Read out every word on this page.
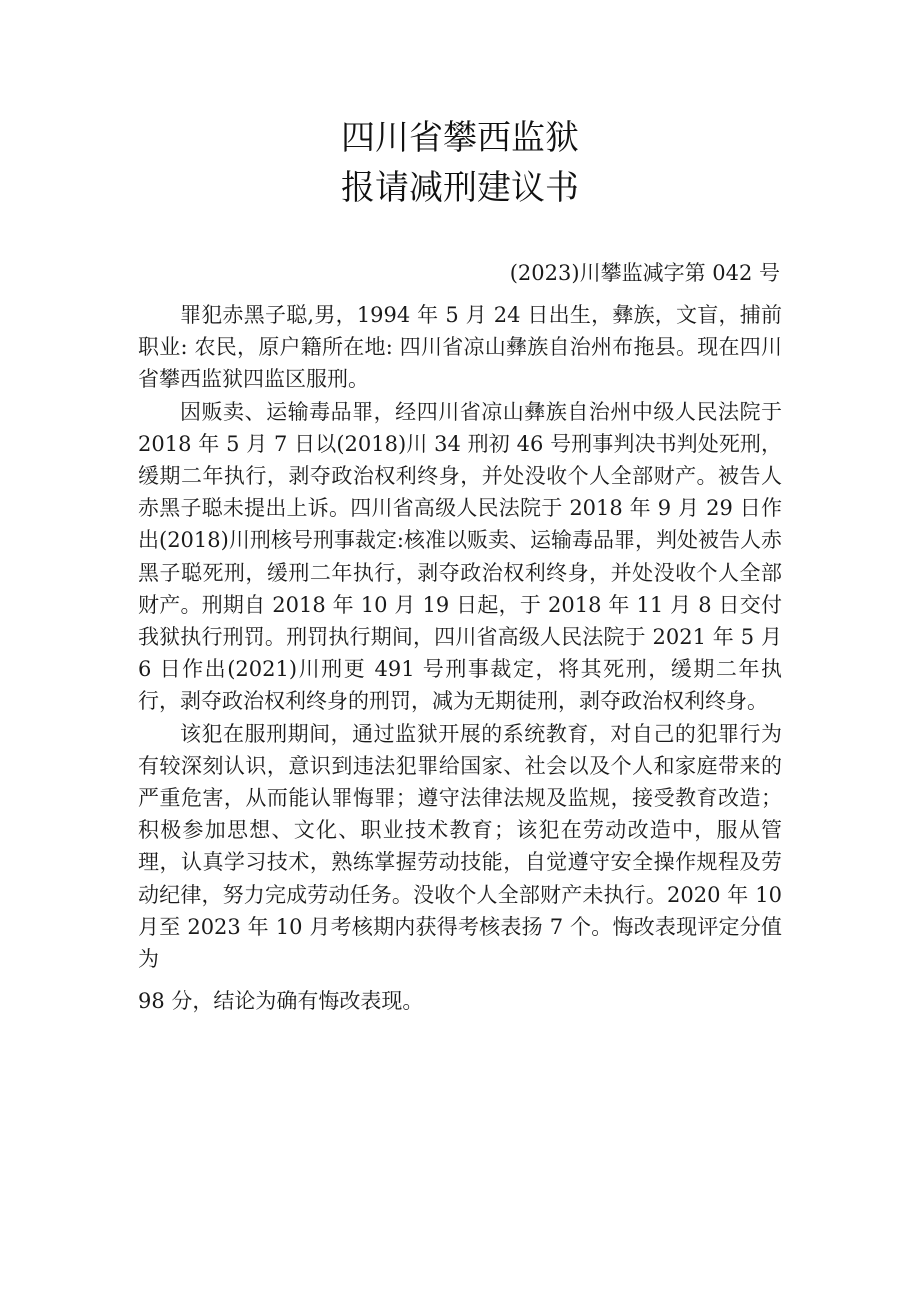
四川省攀西监狱
报请减刑建议书
(2023)川攀监减字第 042 号

罪犯赤黑子聪,男，1994 年 5 月 24 日出生，彝族，文盲，捕前职业: 农民，原户籍所在地: 四川省凉山彝族自治州布拖县。现在四川省攀西监狱四监区服刑。

因贩卖、运输毒品罪，经四川省凉山彝族自治州中级人民法院于 2018 年 5 月 7 日以(2018)川 34 刑初 46 号刑事判决书判处死刑，缓期二年执行，剥夺政治权利终身，并处没收个人全部财产。被告人赤黑子聪未提出上诉。四川省高级人民法院于 2018 年 9 月 29 日作出(2018)川刑核号刑事裁定:核准以贩卖、运输毒品罪，判处被告人赤黑子聪死刑，缓刑二年执行，剥夺政治权利终身，并处没收个人全部财产。刑期自 2018 年 10 月 19 日起，于 2018 年 11 月 8 日交付我狱执行刑罚。刑罚执行期间，四川省高级人民法院于 2021 年 5 月 6 日作出(2021)川刑更 491 号刑事裁定，将其死刑，缓期二年执行，剥夺政治权利终身的刑罚，减为无期徒刑，剥夺政治权利终身。

该犯在服刑期间，通过监狱开展的系统教育，对自己的犯罪行为有较深刻认识，意识到违法犯罪给国家、社会以及个人和家庭带来的严重危害，从而能认罪悔罪；遵守法律法规及监规，接受教育改造；积极参加思想、文化、职业技术教育；该犯在劳动改造中，服从管理，认真学习技术，熟练掌握劳动技能，自觉遵守安全操作规程及劳动纪律，努力完成劳动任务。没收个人全部财产未执行。2020 年 10 月至 2023 年 10 月考核期内获得考核表扬 7 个。悔改表现评定分值为

98 分，结论为确有悔改表现。
